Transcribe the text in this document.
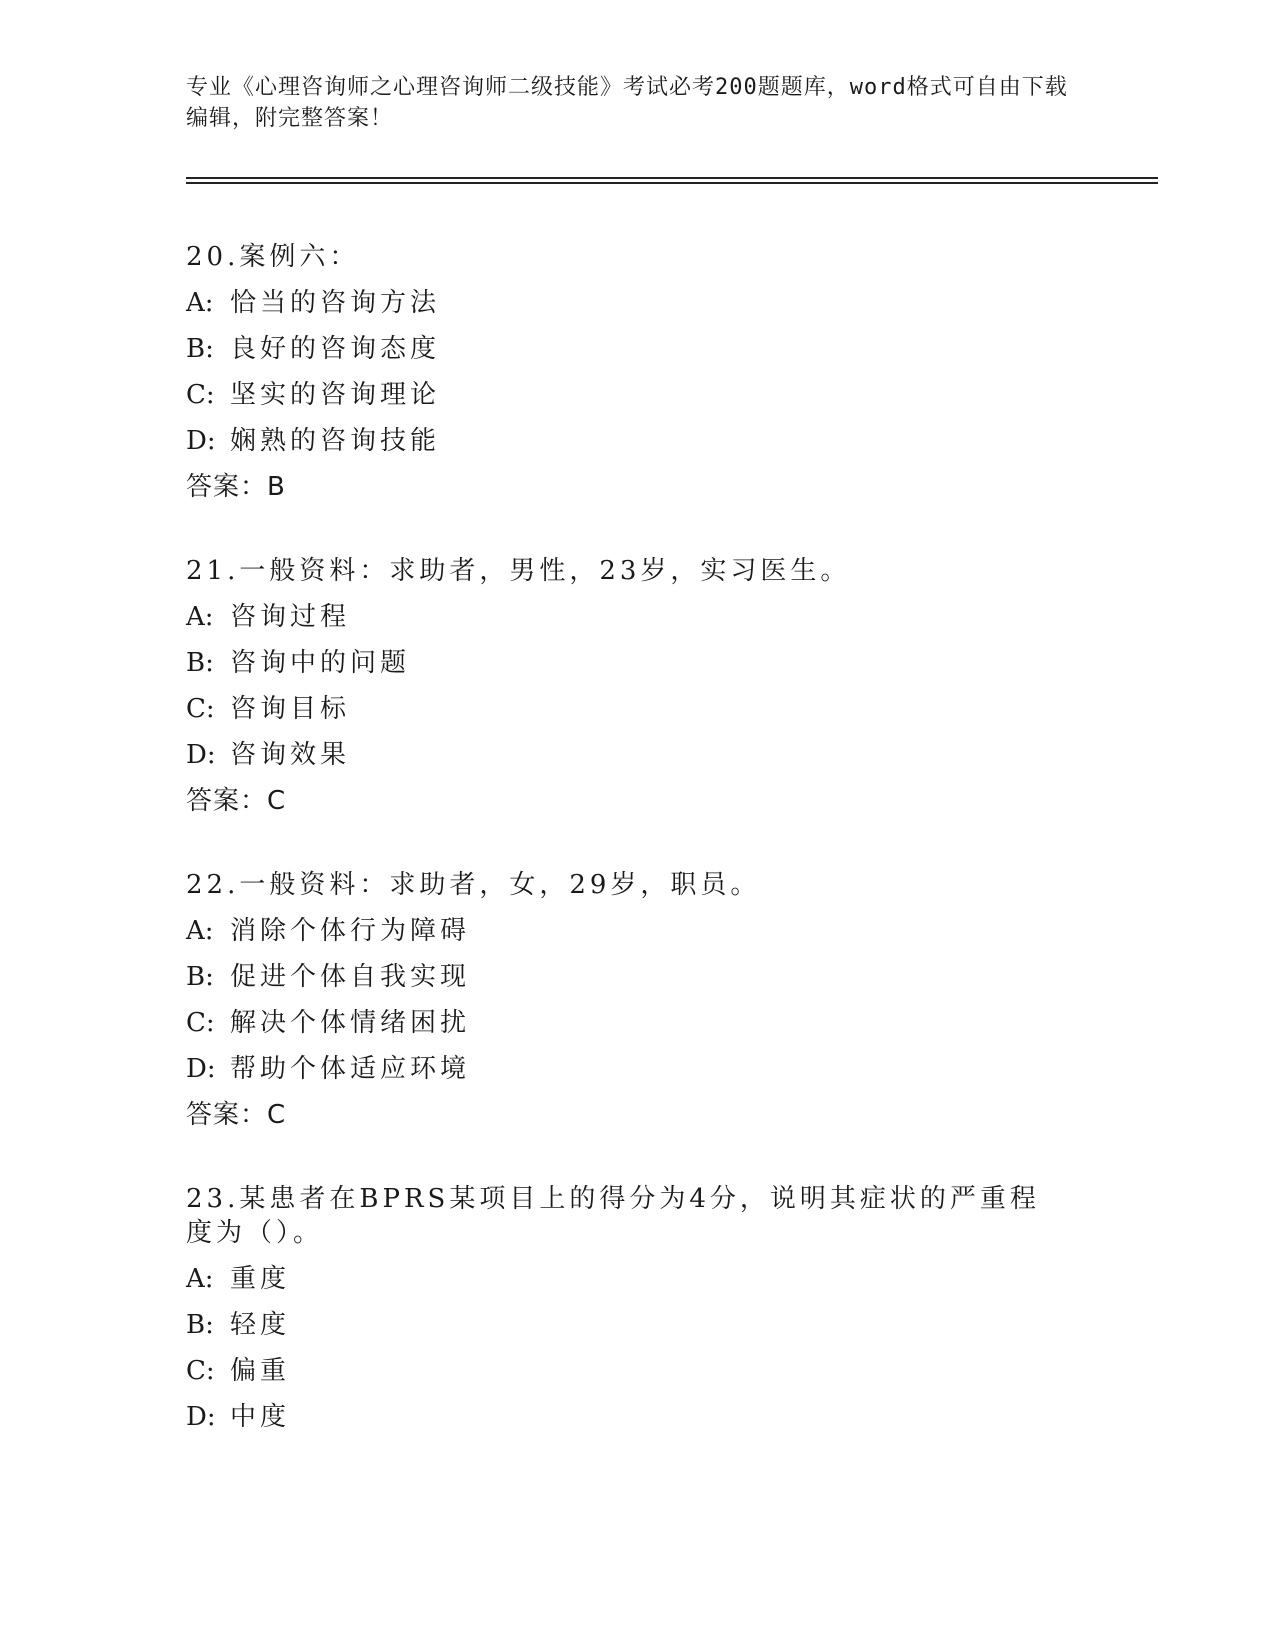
专业《心理咨询师之心理咨询师二级技能》考试必考200题题库，word格式可自由下载编辑，附完整答案！
20.案例六：
A: 恰当的咨询方法
B: 良好的咨询态度
C: 坚实的咨询理论
D: 娴熟的咨询技能
答案：B
21.一般资料：求助者，男性，23岁，实习医生。
A: 咨询过程
B: 咨询中的问题
C: 咨询目标
D: 咨询效果
答案：C
22.一般资料：求助者，女，29岁，职员。
A: 消除个体行为障碍
B: 促进个体自我实现
C: 解决个体情绪困扰
D: 帮助个体适应环境
答案：C
23.某患者在BPRS某项目上的得分为4分，说明其症状的严重程度为（）。
A: 重度
B: 轻度
C: 偏重
D: 中度
